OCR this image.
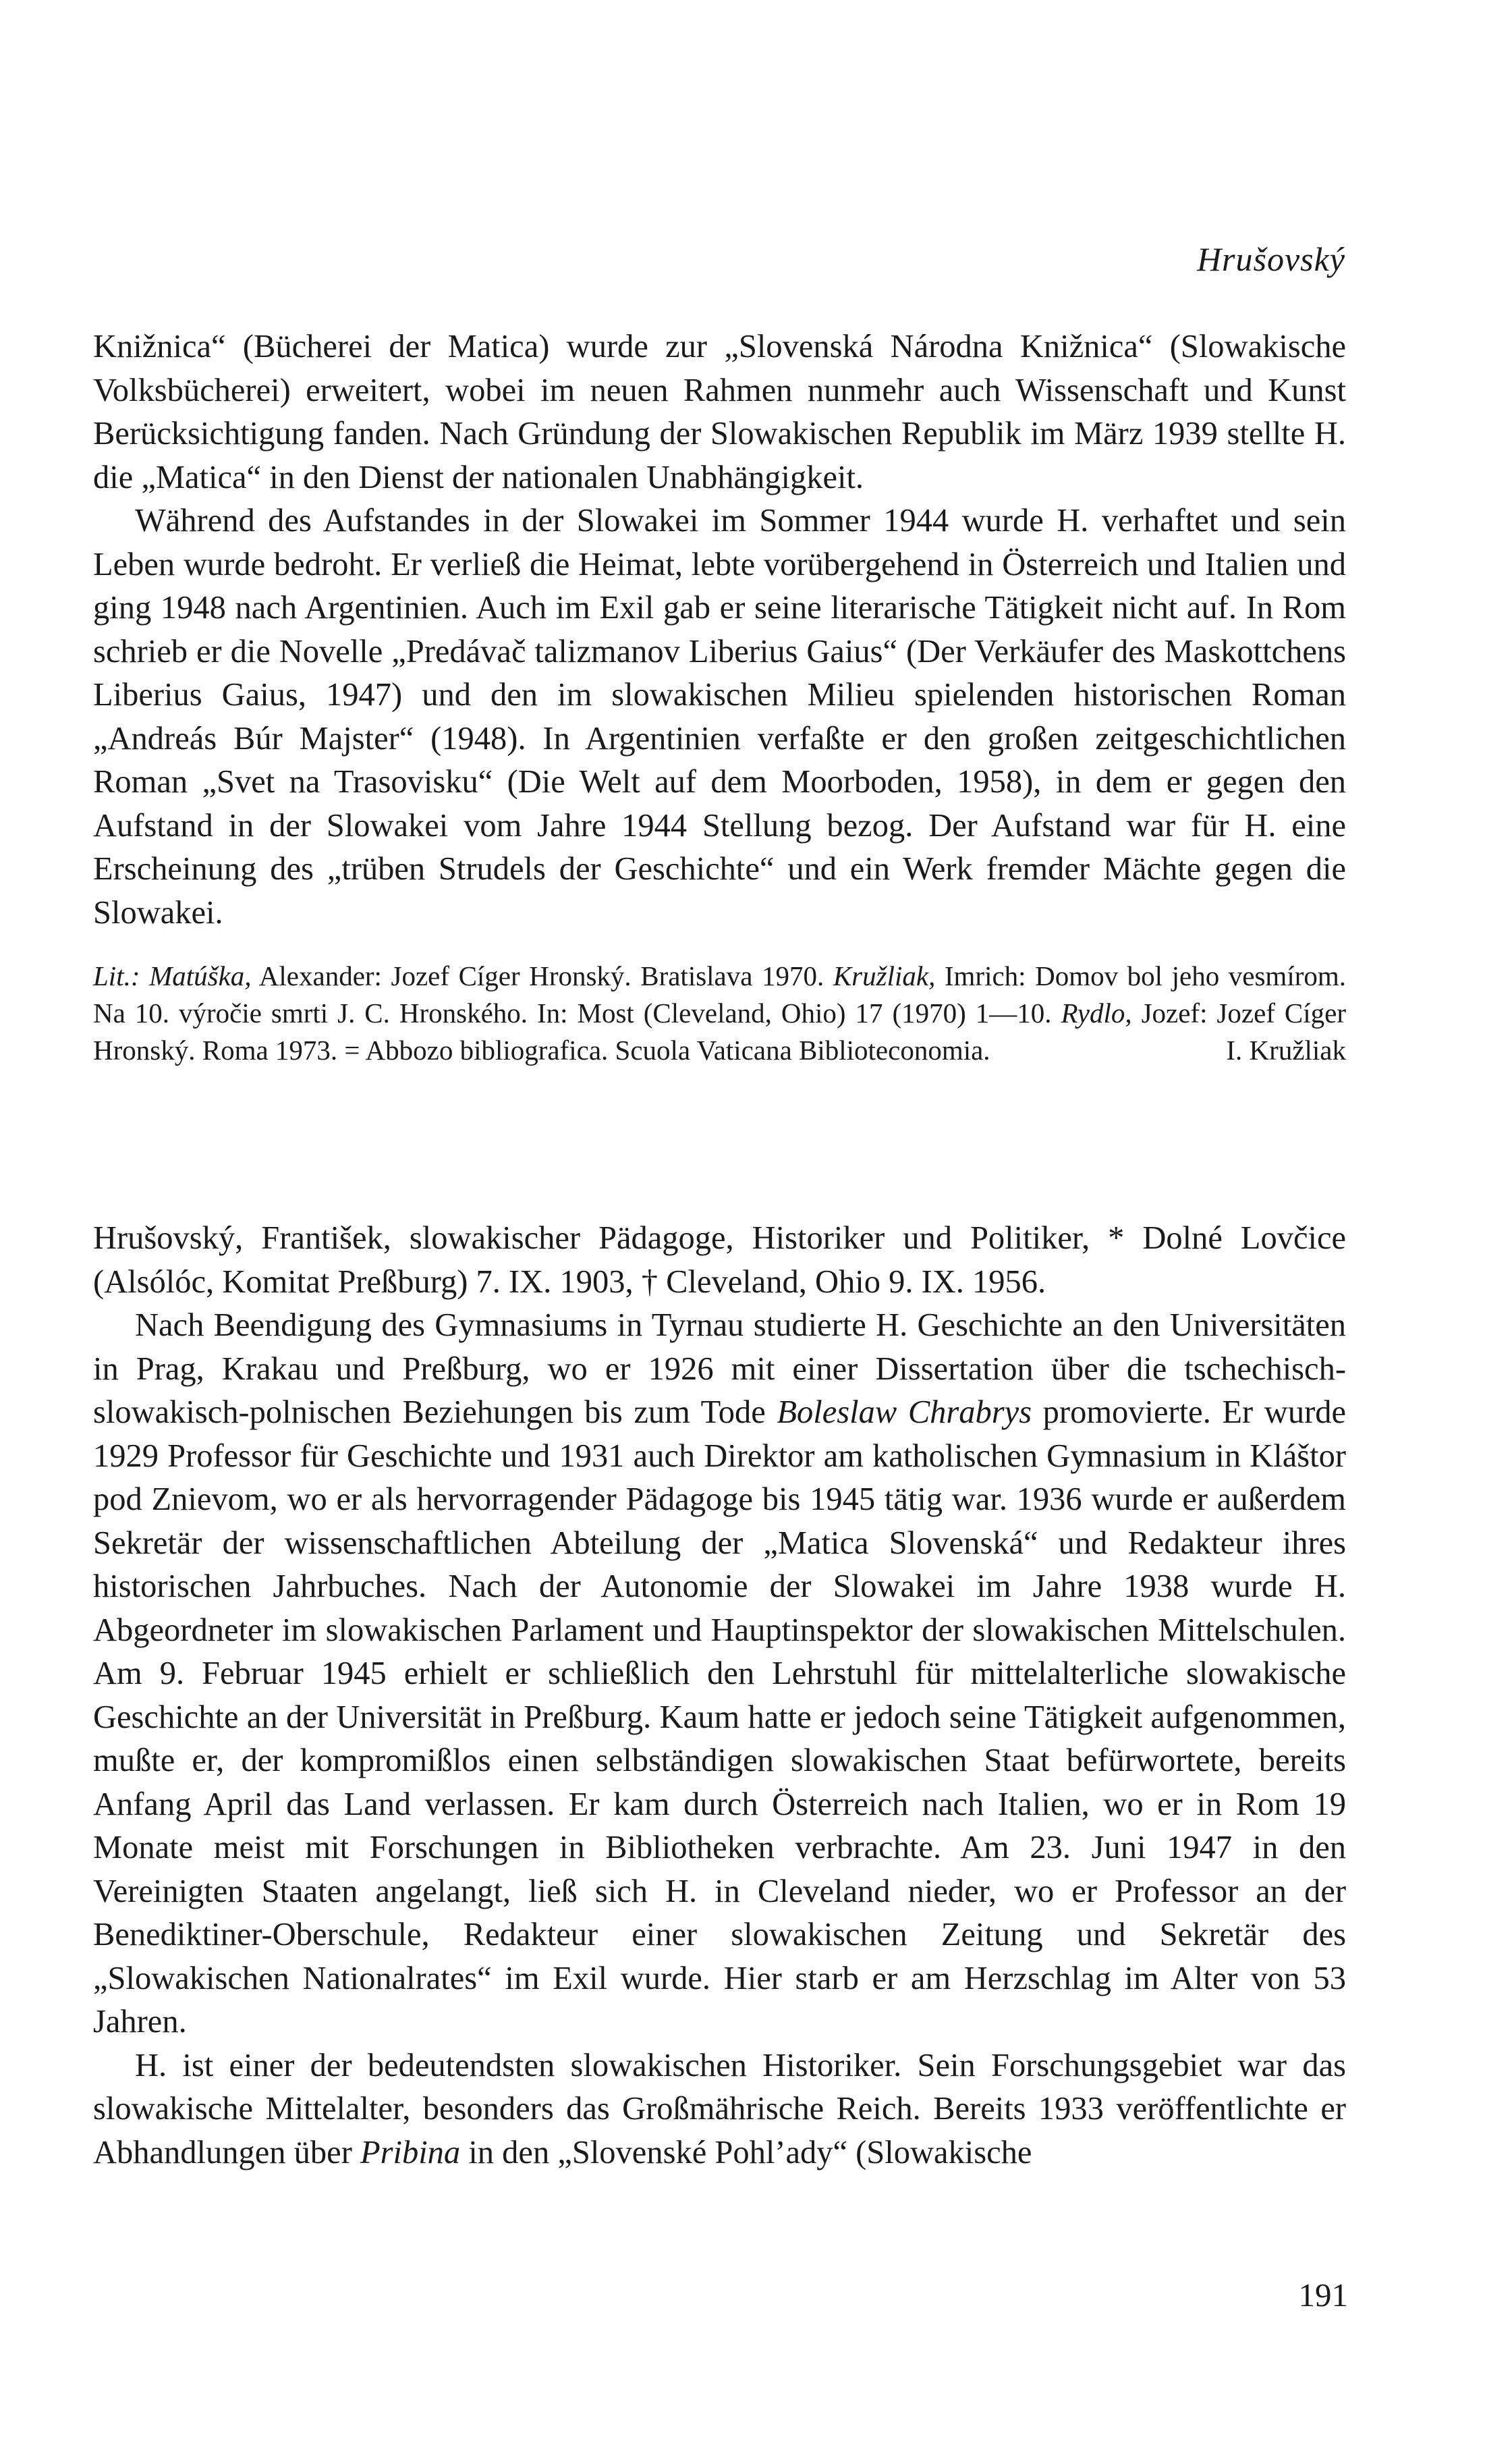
Hrušovský

Knižnica“ (Bücherei der Matica) wurde zur „Slovenská Národna Knižnica“ (Slowakische Volksbücherei) erweitert, wobei im neuen Rahmen nunmehr auch Wissenschaft und Kunst Berücksichtigung fanden. Nach Gründung der Slowakischen Republik im März 1939 stellte H. die „Matica“ in den Dienst der nationalen Unabhängigkeit.

Während des Aufstandes in der Slowakei im Sommer 1944 wurde H. verhaftet und sein Leben wurde bedroht. Er verließ die Heimat, lebte vorübergehend in Österreich und Italien und ging 1948 nach Argentinien. Auch im Exil gab er seine literarische Tätigkeit nicht auf. In Rom schrieb er die Novelle „Predávač talizmanov Liberius Gaius“ (Der Verkäufer des Maskottchens Liberius Gaius, 1947) und den im slowakischen Milieu spielenden historischen Roman „Andreás Búr Majster“ (1948). In Argentinien verfaßte er den großen zeitgeschichtlichen Roman „Svet na Trasovisku“ (Die Welt auf dem Moorboden, 1958), in dem er gegen den Aufstand in der Slowakei vom Jahre 1944 Stellung bezog. Der Aufstand war für H. eine Erscheinung des „trüben Strudels der Geschichte“ und ein Werk fremder Mächte gegen die Slowakei.

Lit.: Matúška, Alexander: Jozef Cíger Hronský. Bratislava 1970. Kružliak, Imrich: Domov bol jeho vesmírom. Na 10. výročie smrti J. C. Hronského. In: Most (Cleveland, Ohio) 17 (1970) 1—10. Rydlo, Jozef: Jozef Cíger Hronský. Roma 1973. = Abbozo bibliografica. Scuola Vaticana Biblioteconomia.	I. Kružliak

Hrušovský, František, slowakischer Pädagoge, Historiker und Politiker, * Dolné Lovčice (Alsólóc, Komitat Preßburg) 7. IX. 1903, † Cleveland, Ohio 9. IX. 1956.

Nach Beendigung des Gymnasiums in Tyrnau studierte H. Geschichte an den Universitäten in Prag, Krakau und Preßburg, wo er 1926 mit einer Dissertation über die tschechisch-slowakisch-polnischen Beziehungen bis zum Tode Boleslaw Chrabrys promovierte. Er wurde 1929 Professor für Geschichte und 1931 auch Direktor am katholischen Gymnasium in Kláštor pod Znievom, wo er als hervorragender Pädagoge bis 1945 tätig war. 1936 wurde er außerdem Sekretär der wissenschaftlichen Abteilung der „Matica Slovenská“ und Redakteur ihres historischen Jahrbuches. Nach der Autonomie der Slowakei im Jahre 1938 wurde H. Abgeordneter im slowakischen Parlament und Hauptinspektor der slowakischen Mittelschulen. Am 9. Februar 1945 erhielt er schließlich den Lehrstuhl für mittelalterliche slowakische Geschichte an der Universität in Preßburg. Kaum hatte er jedoch seine Tätigkeit aufgenommen, mußte er, der kompromißlos einen selbständigen slowakischen Staat befürwortete, bereits Anfang April das Land verlassen. Er kam durch Österreich nach Italien, wo er in Rom 19 Monate meist mit Forschungen in Bibliotheken verbrachte. Am 23. Juni 1947 in den Vereinigten Staaten angelangt, ließ sich H. in Cleveland nieder, wo er Professor an der Benediktiner-Oberschule, Redakteur einer slowakischen Zeitung und Sekretär des „Slowakischen Nationalrates“ im Exil wurde. Hier starb er am Herzschlag im Alter von 53 Jahren.

H. ist einer der bedeutendsten slowakischen Historiker. Sein Forschungsgebiet war das slowakische Mittelalter, besonders das Großmährische Reich. Bereits 1933 veröffentlichte er Abhandlungen über Pribina in den „Slovenské Pohl’ady“ (Slowakische

191
